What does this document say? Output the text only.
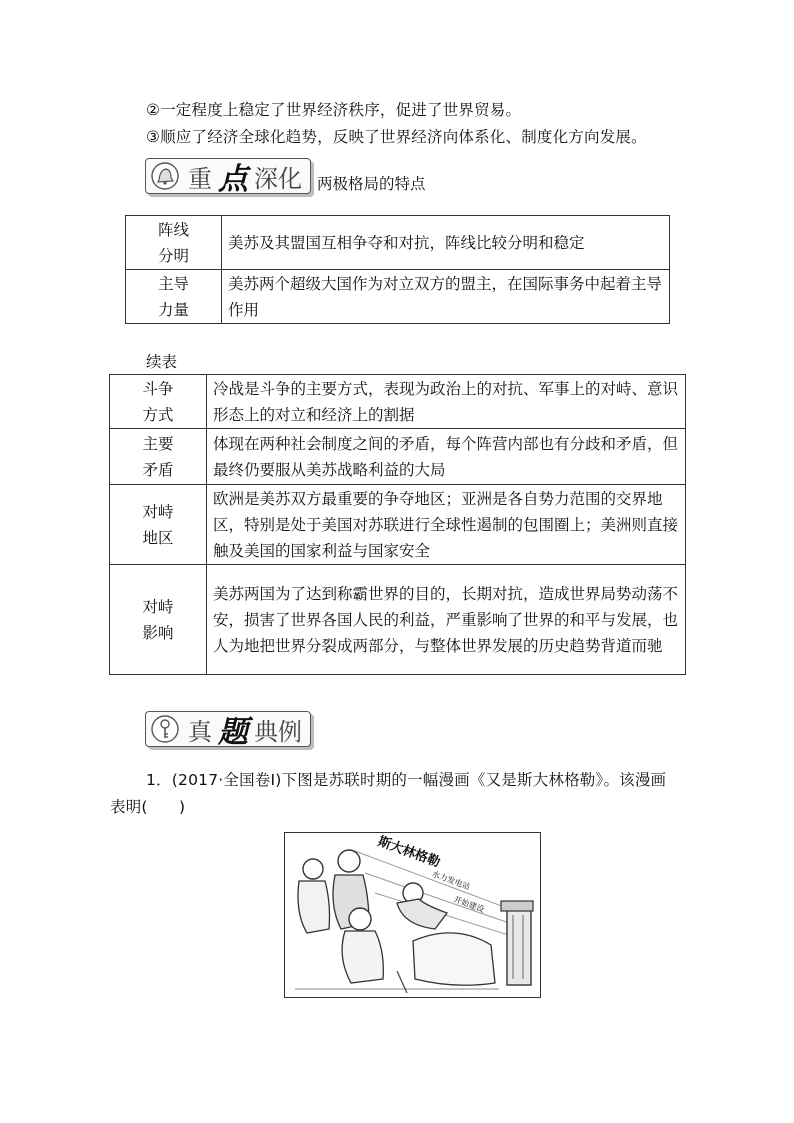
②一定程度上稳定了世界经济秩序，促进了世界贸易。
③顺应了经济全球化趋势，反映了世界经济向体系化、制度化方向发展。
重 点 深化 两极格局的特点
阵线
分明	美苏及其盟国互相争夺和对抗，阵线比较分明和稳定
主导
力量	美苏两个超级大国作为对立双方的盟主，在国际事务中起着主导作用
续表
斗争
方式	冷战是斗争的主要方式，表现为政治上的对抗、军事上的对峙、意识形态上的对立和经济上的割据
主要
矛盾	体现在两种社会制度之间的矛盾，每个阵营内部也有分歧和矛盾，但最终仍要服从美苏战略利益的大局
对峙
地区	欧洲是美苏双方最重要的争夺地区；亚洲是各自势力范围的交界地区，特别是处于美国对苏联进行全球性遏制的包围圈上；美洲则直接触及美国的国家利益与国家安全
对峙
影响	美苏两国为了达到称霸世界的目的，长期对抗，造成世界局势动荡不安，损害了世界各国人民的利益，严重影响了世界的和平与发展，也人为地把世界分裂成两部分，与整体世界发展的历史趋势背道而驰
真 题 典例
1．(2017·全国卷Ⅰ)下图是苏联时期的一幅漫画《又是斯大林格勒》。该漫画
表明(　　)
斯大林格勒
水力发电站
开始建设
